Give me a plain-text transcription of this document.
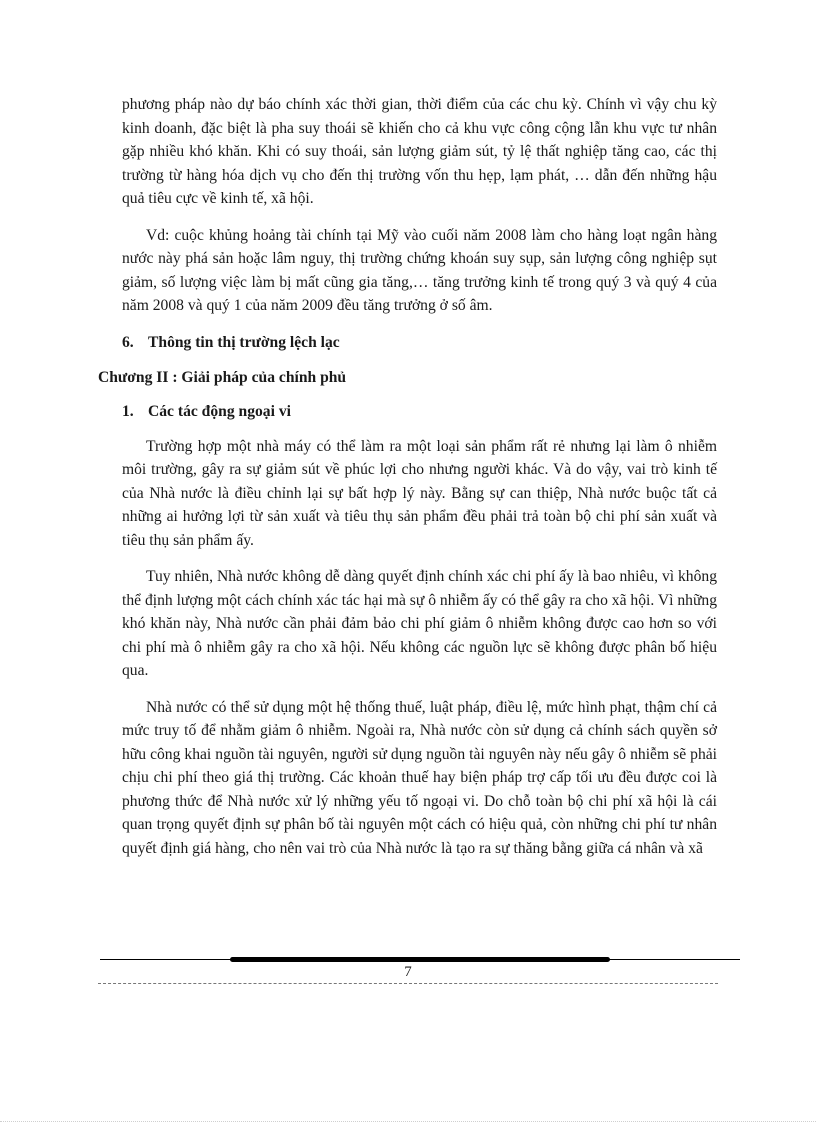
phương pháp nào dự báo chính xác thời gian, thời điểm của các chu kỳ. Chính vì vậy chu kỳ kinh doanh, đặc biệt là pha suy thoái sẽ khiến cho cả khu vực công cộng lẫn khu vực tư nhân gặp nhiều khó khăn. Khi có suy thoái, sản lượng giảm sút, tỷ lệ thất nghiệp tăng cao, các thị trường từ hàng hóa dịch vụ cho đến thị trường vốn thu hẹp, lạm phát, … dẫn đến những hậu quả tiêu cực về kinh tế, xã hội.

Vd: cuộc khủng hoảng tài chính tại Mỹ vào cuối năm 2008 làm cho hàng loạt ngân hàng nước này phá sản hoặc lâm nguy, thị trường chứng khoán suy sụp, sản lượng công nghiệp sụt giảm, số lượng việc làm bị mất cũng gia tăng,… tăng trưởng kinh tế trong quý 3 và quý 4 của năm 2008 và quý 1 của năm 2009 đều tăng trưởng ở số âm.

6. Thông tin thị trường lệch lạc
Chương II : Giải pháp của chính phủ
1. Các tác động ngoại vi

Trường hợp một nhà máy có thể làm ra một loại sản phẩm rất rẻ nhưng lại làm ô nhiễm môi trường, gây ra sự giảm sút về phúc lợi cho nhưng người khác. Và do vậy, vai trò kinh tế của Nhà nước là điều chỉnh lại sự bất hợp lý này. Bằng sự can thiệp, Nhà nước buộc tất cả những ai hưởng lợi từ sản xuất và tiêu thụ sản phẩm đều phải trả toàn bộ chi phí sản xuất và tiêu thụ sản phẩm ấy.

Tuy nhiên, Nhà nước không dễ dàng quyết định chính xác chi phí ấy là bao nhiêu, vì không thể định lượng một cách chính xác tác hại mà sự ô nhiễm ấy có thể gây ra cho xã hội. Vì những khó khăn này, Nhà nước cần phải đảm bảo chi phí giảm ô nhiễm không được cao hơn so với chi phí mà ô nhiễm gây ra cho xã hội. Nếu không các nguồn lực sẽ không được phân bố hiệu qua.

Nhà nước có thể sử dụng một hệ thống thuế, luật pháp, điều lệ, mức hình phạt, thậm chí cả mức truy tố để nhằm giảm ô nhiễm. Ngoài ra, Nhà nước còn sử dụng cả chính sách quyền sở hữu công khai nguồn tài nguyên, người sử dụng nguồn tài nguyên này nếu gây ô nhiễm sẽ phải chịu chi phí theo giá thị trường. Các khoản thuế hay biện pháp trợ cấp tối ưu đều được coi là phương thức để Nhà nước xử lý những yếu tố ngoại vi. Do chỗ toàn bộ chi phí xã hội là cái quan trọng quyết định sự phân bố tài nguyên một cách có hiệu quả, còn những chi phí tư nhân quyết định giá hàng, cho nên vai trò của Nhà nước là tạo ra sự thăng bằng giữa cá nhân và xã

7
